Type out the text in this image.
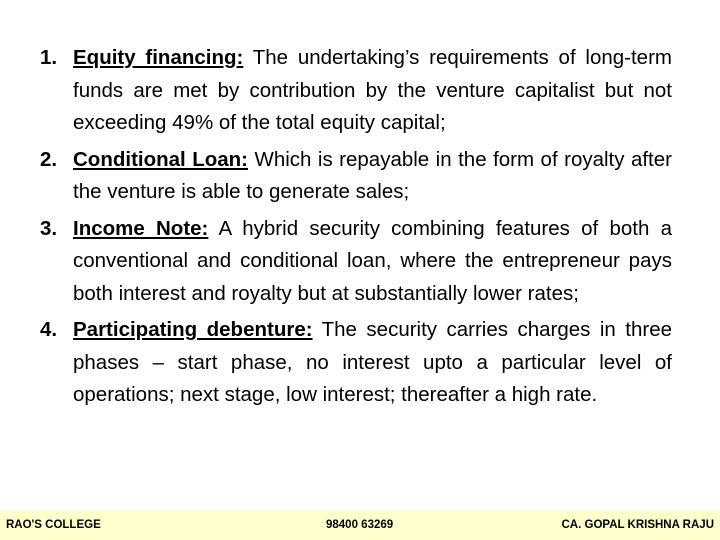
1. Equity financing: The undertaking’s requirements of long-term funds are met by contribution by the venture capitalist but not exceeding 49% of the total equity capital;
2. Conditional Loan: Which is repayable in the form of royalty after the venture is able to generate sales;
3. Income Note: A hybrid security combining features of both a conventional and conditional loan, where the entrepreneur pays both interest and royalty but at substantially lower rates;
4. Participating debenture: The security carries charges in three phases – start phase, no interest upto a particular level of operations; next stage, low interest; thereafter a high rate.
RAO'S COLLEGE	98400 63269	CA. GOPAL KRISHNA RAJU
